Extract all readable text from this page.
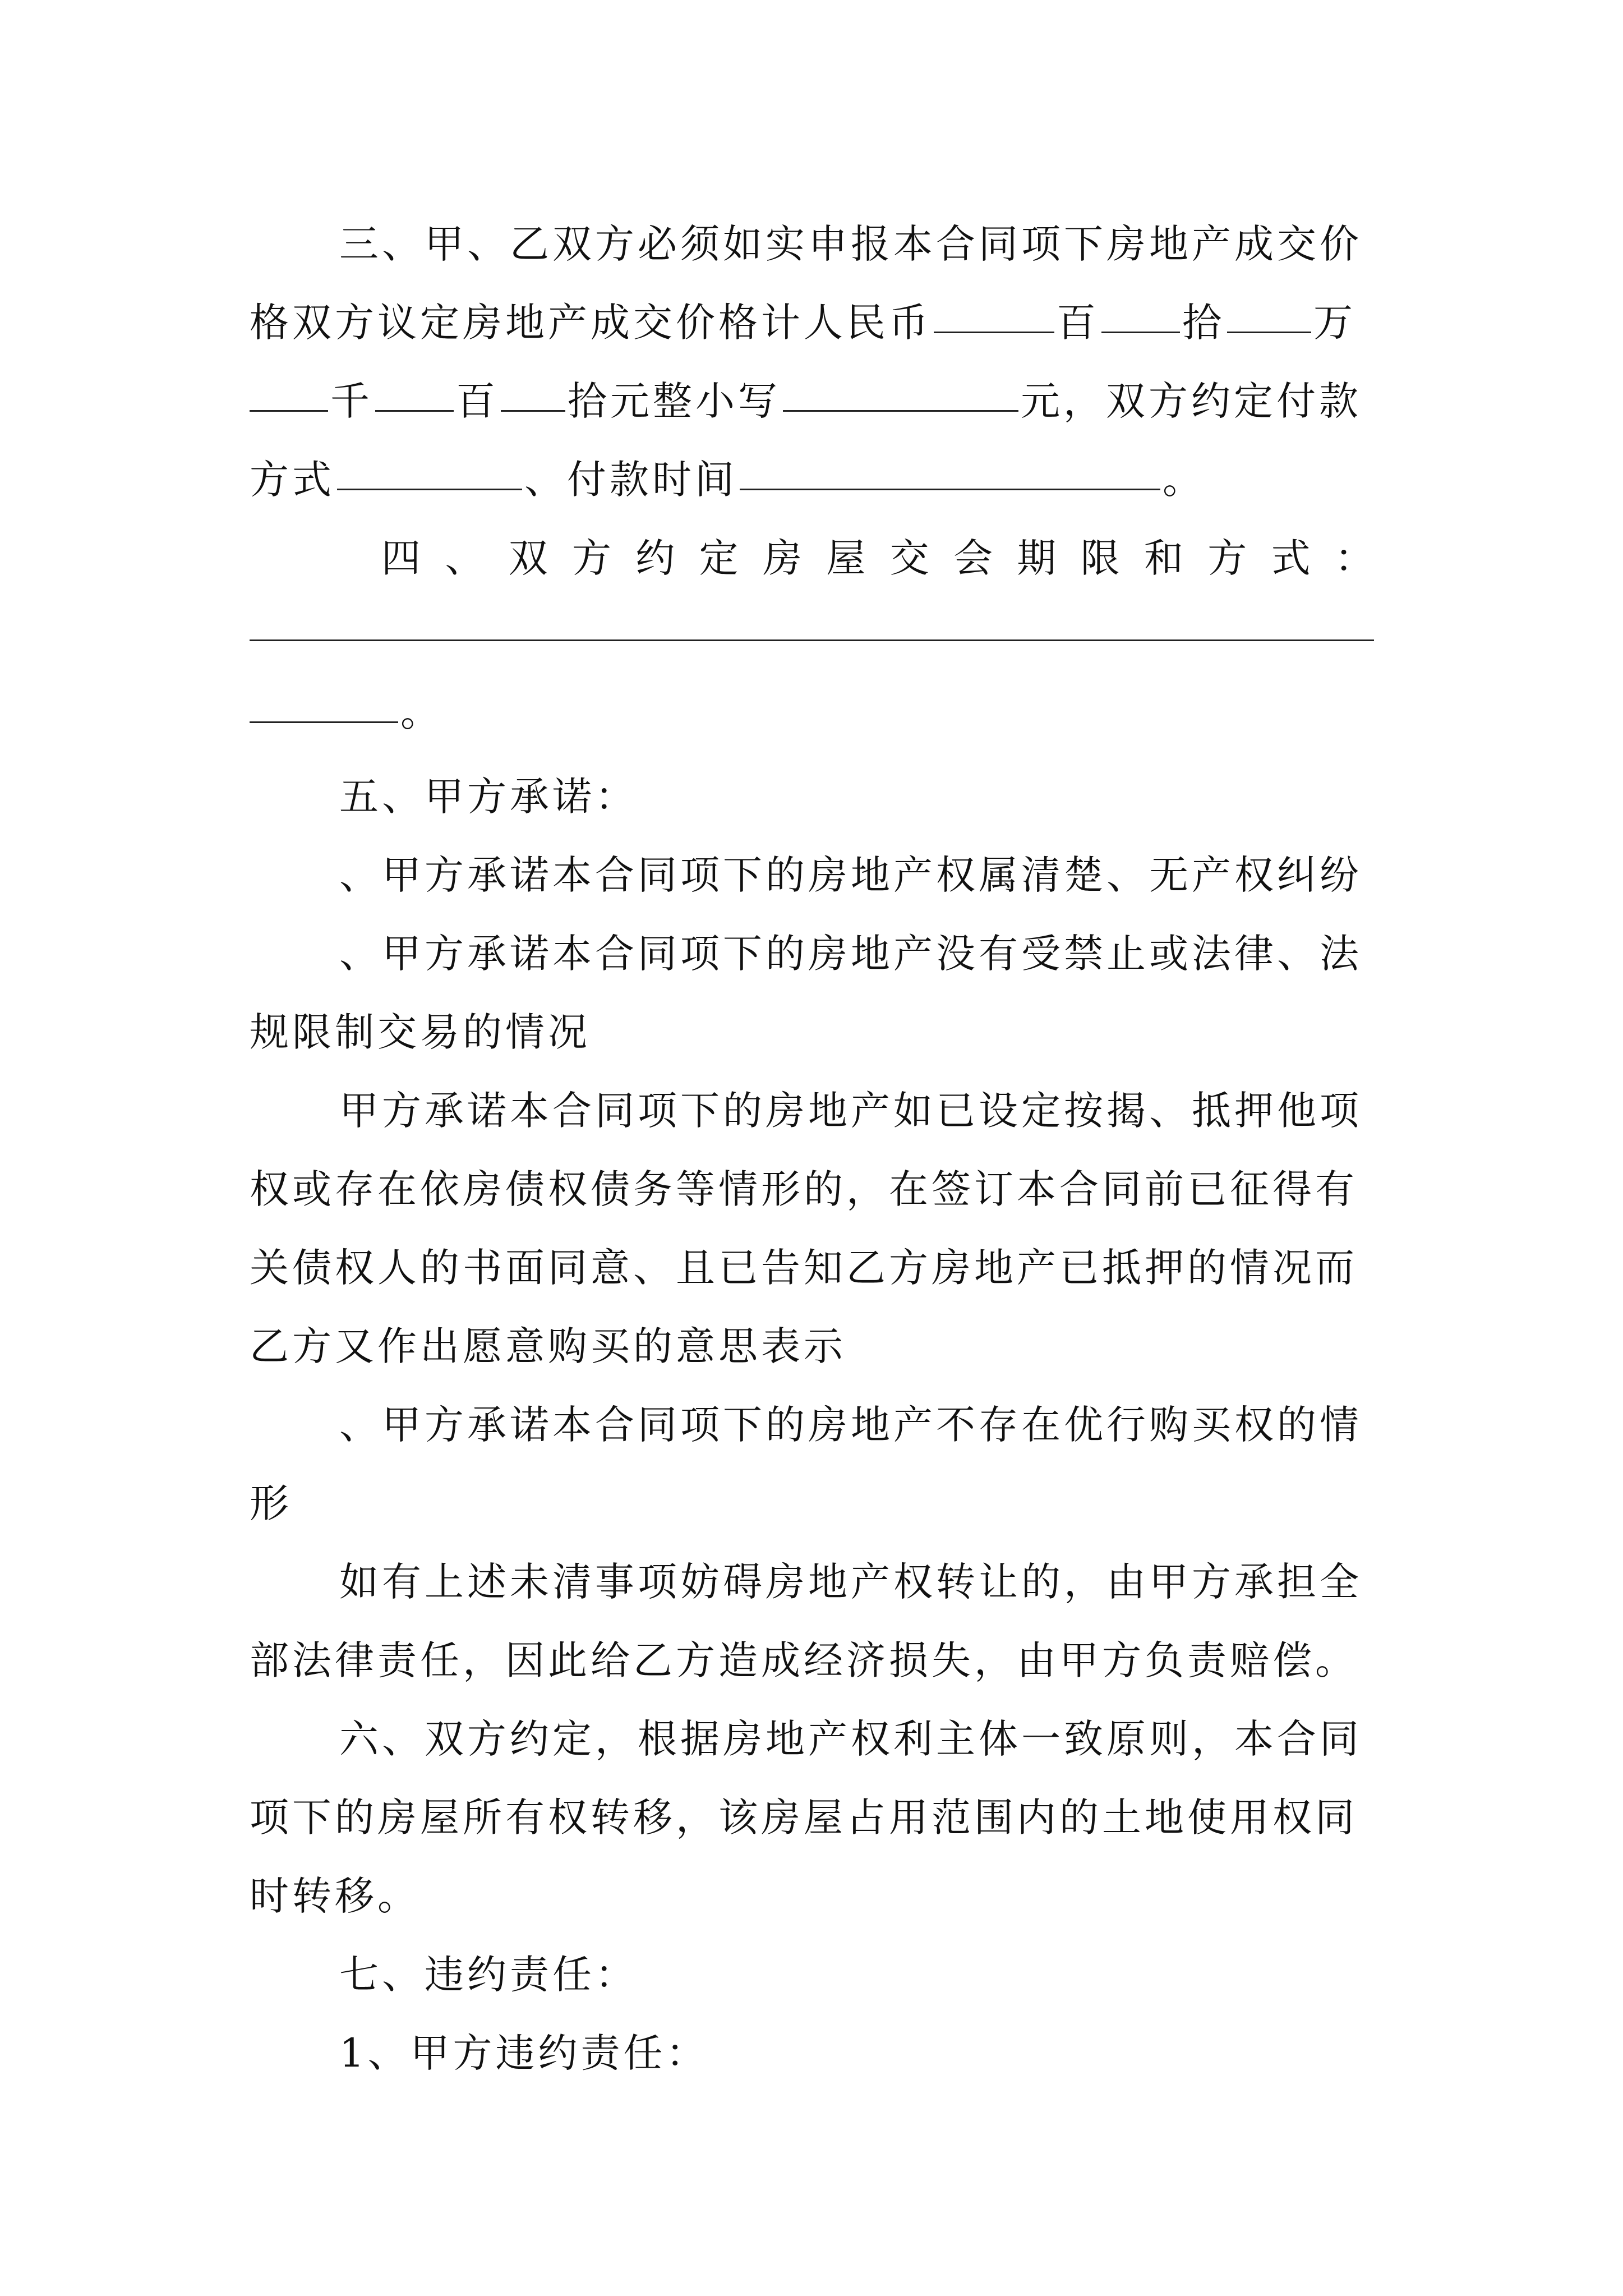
三、甲、乙双方必须如实申报本合同项下房地产成交价
格双方议定房地产成交价格计人民币	百 拾 万
千 百 拾元整小写	元，双方约定付款
方式	、付款时间	。
四 、 双 方 约 定 房 屋 交 会 期 限 和 方 式 ：
。
五、甲方承诺：
、甲方承诺本合同项下的房地产权属清楚、无产权纠纷
、甲方承诺本合同项下的房地产没有受禁止或法律、法
规限制交易的情况
甲方承诺本合同项下的房地产如已设定按揭、抵押他项
权或存在依房债权债务等情形的，在签订本合同前已征得有
关债权人的书面同意、且已告知乙方房地产已抵押的情况而
乙方又作出愿意购买的意思表示
、甲方承诺本合同项下的房地产不存在优行购买权的情
形
如有上述未清事项妨碍房地产权转让的，由甲方承担全
部法律责任，因此给乙方造成经济损失，由甲方负责赔偿。
六、双方约定，根据房地产权利主体一致原则，本合同
项下的房屋所有权转移，该房屋占用范围内的土地使用权同
时转移。
七、违约责任：
1、甲方违约责任：
